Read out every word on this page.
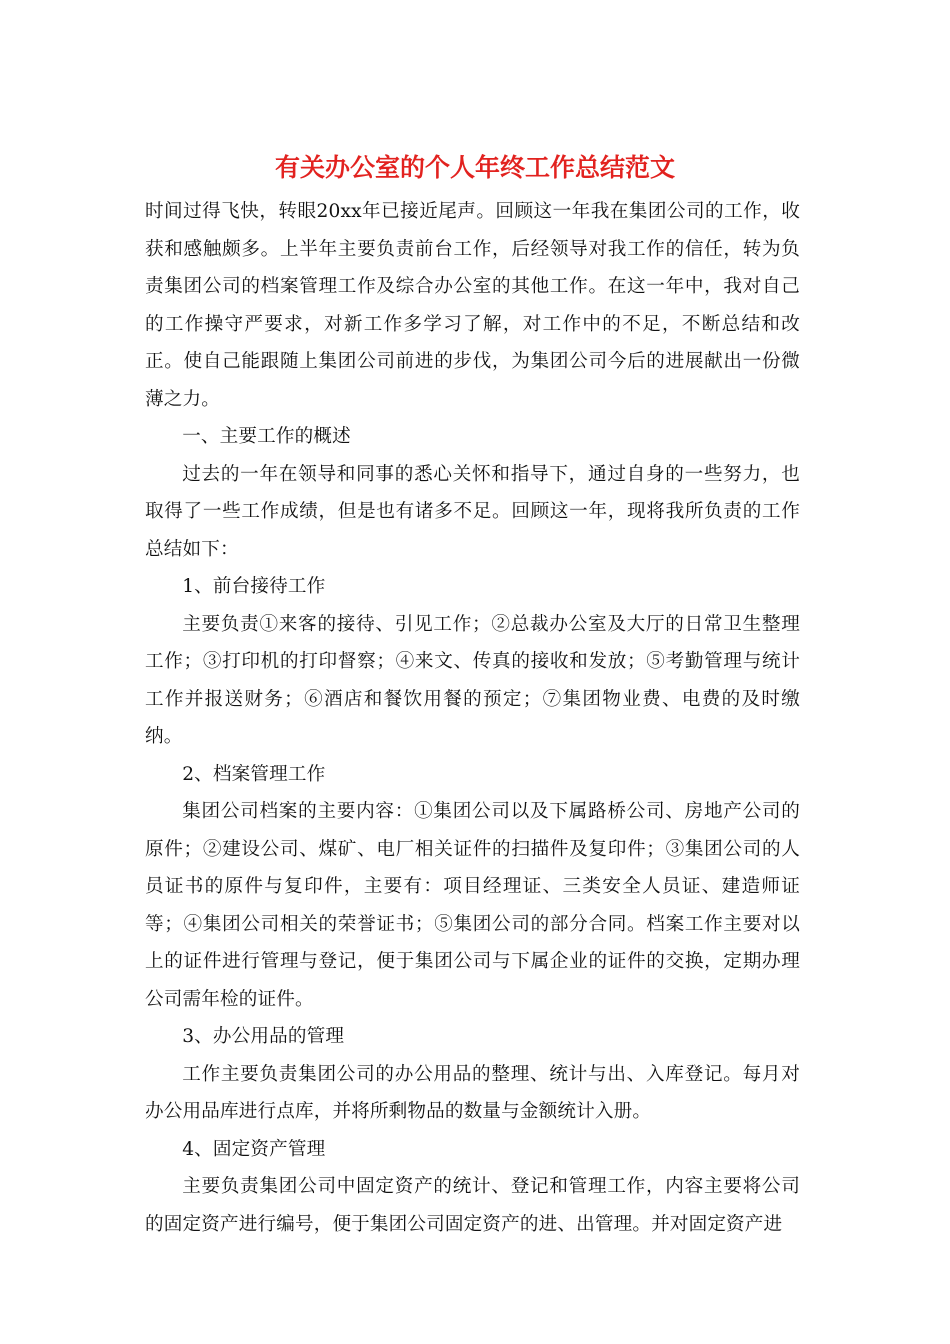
有关办公室的个人年终工作总结范文

时间过得飞快，转眼20xx年已接近尾声。回顾这一年我在集团公司的工作，收获和感触颇多。上半年主要负责前台工作，后经领导对我工作的信任，转为负责集团公司的档案管理工作及综合办公室的其他工作。在这一年中，我对自己的工作操守严要求，对新工作多学习了解，对工作中的不足，不断总结和改正。使自己能跟随上集团公司前进的步伐，为集团公司今后的进展献出一份微薄之力。

一、主要工作的概述

过去的一年在领导和同事的悉心关怀和指导下，通过自身的一些努力，也取得了一些工作成绩，但是也有诸多不足。回顾这一年，现将我所负责的工作总结如下：

1、前台接待工作

主要负责①来客的接待、引见工作；②总裁办公室及大厅的日常卫生整理工作；③打印机的打印督察；④来文、传真的接收和发放；⑤考勤管理与统计工作并报送财务；⑥酒店和餐饮用餐的预定；⑦集团物业费、电费的及时缴纳。

2、档案管理工作

集团公司档案的主要内容：①集团公司以及下属路桥公司、房地产公司的原件；②建设公司、煤矿、电厂相关证件的扫描件及复印件；③集团公司的人员证书的原件与复印件，主要有：项目经理证、三类安全人员证、建造师证等；④集团公司相关的荣誉证书；⑤集团公司的部分合同。档案工作主要对以上的证件进行管理与登记，便于集团公司与下属企业的证件的交换，定期办理公司需年检的证件。

3、办公用品的管理

工作主要负责集团公司的办公用品的整理、统计与出、入库登记。每月对办公用品库进行点库，并将所剩物品的数量与金额统计入册。

4、固定资产管理

主要负责集团公司中固定资产的统计、登记和管理工作，内容主要将公司的固定资产进行编号，便于集团公司固定资产的进、出管理。并对固定资产进
